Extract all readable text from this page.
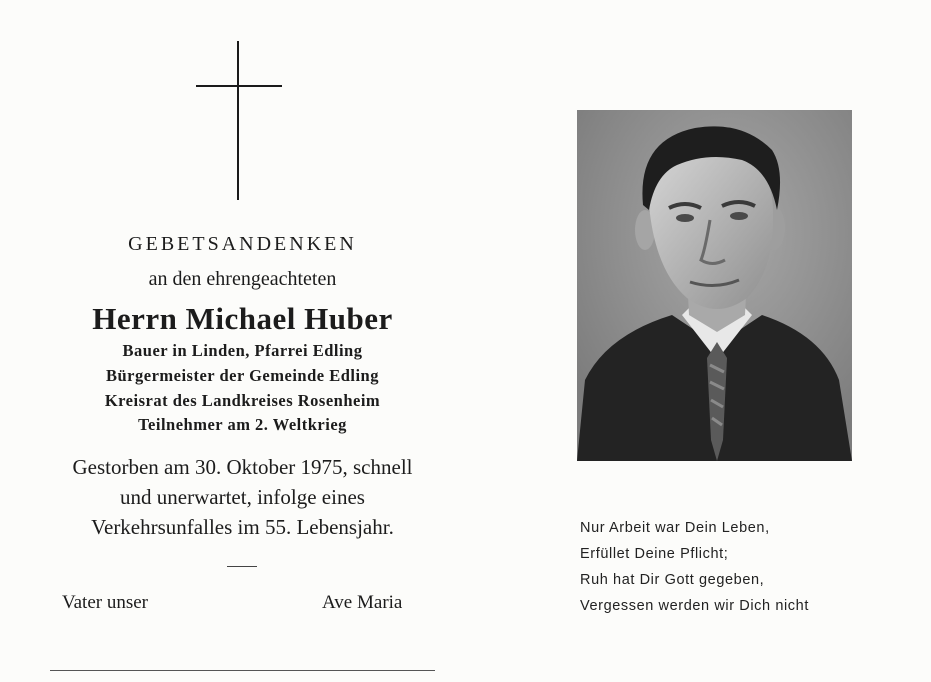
GEBETSANDENKEN
an den ehrengeachteten
Herrn Michael Huber
Bauer in Linden, Pfarrei Edling
Bürgermeister der Gemeinde Edling
Kreisrat des Landkreises Rosenheim
Teilnehmer am 2. Weltkrieg
Gestorben am 30. Oktober 1975, schnell
und unerwartet, infolge eines
Verkehrsunfalles im 55. Lebensjahr.
Vater unser	Ave Maria
Nur Arbeit war Dein Leben,
Erfüllet Deine Pflicht;
Ruh hat Dir Gott gegeben,
Vergessen werden wir Dich nicht
